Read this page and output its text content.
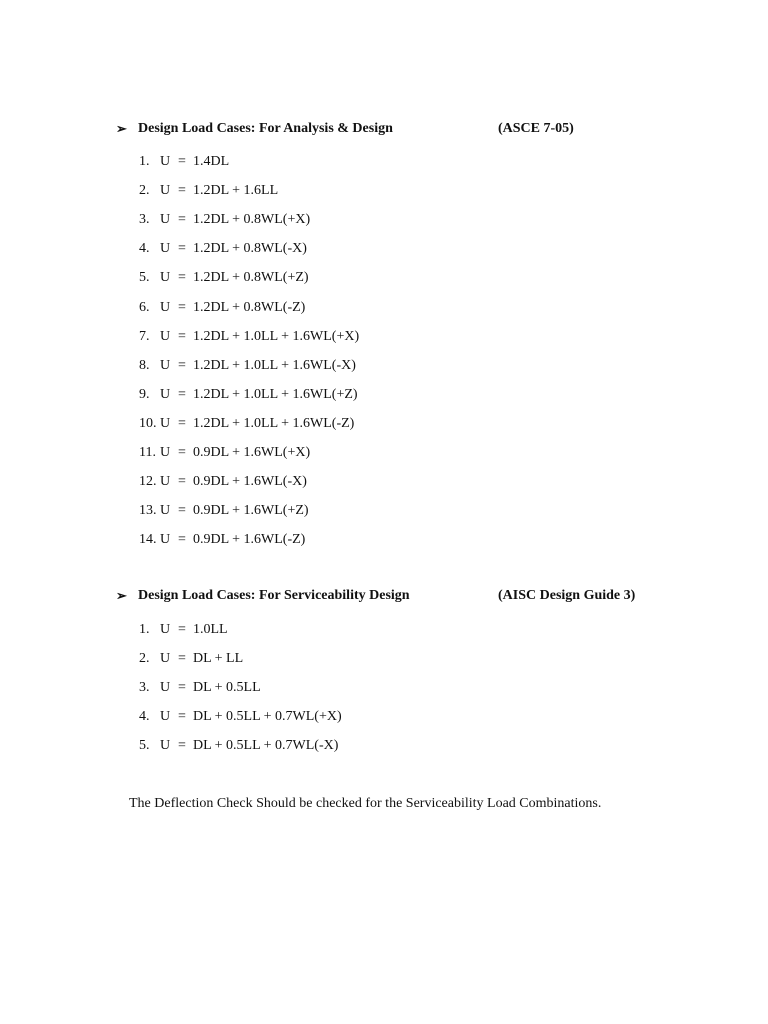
➢ Design Load Cases: For Analysis & Design	(ASCE 7-05)
1. U = 1.4DL
2. U = 1.2DL + 1.6LL
3. U = 1.2DL + 0.8WL(+X)
4. U = 1.2DL + 0.8WL(-X)
5. U = 1.2DL + 0.8WL(+Z)
6. U = 1.2DL + 0.8WL(-Z)
7. U = 1.2DL + 1.0LL + 1.6WL(+X)
8. U = 1.2DL + 1.0LL + 1.6WL(-X)
9. U = 1.2DL + 1.0LL + 1.6WL(+Z)
10. U = 1.2DL + 1.0LL + 1.6WL(-Z)
11. U = 0.9DL + 1.6WL(+X)
12. U = 0.9DL + 1.6WL(-X)
13. U = 0.9DL + 1.6WL(+Z)
14. U = 0.9DL + 1.6WL(-Z)
➢ Design Load Cases: For Serviceability Design	(AISC Design Guide 3)
1. U = 1.0LL
2. U = DL + LL
3. U = DL + 0.5LL
4. U = DL + 0.5LL + 0.7WL(+X)
5. U = DL + 0.5LL + 0.7WL(-X)
The Deflection Check Should be checked for the Serviceability Load Combinations.
